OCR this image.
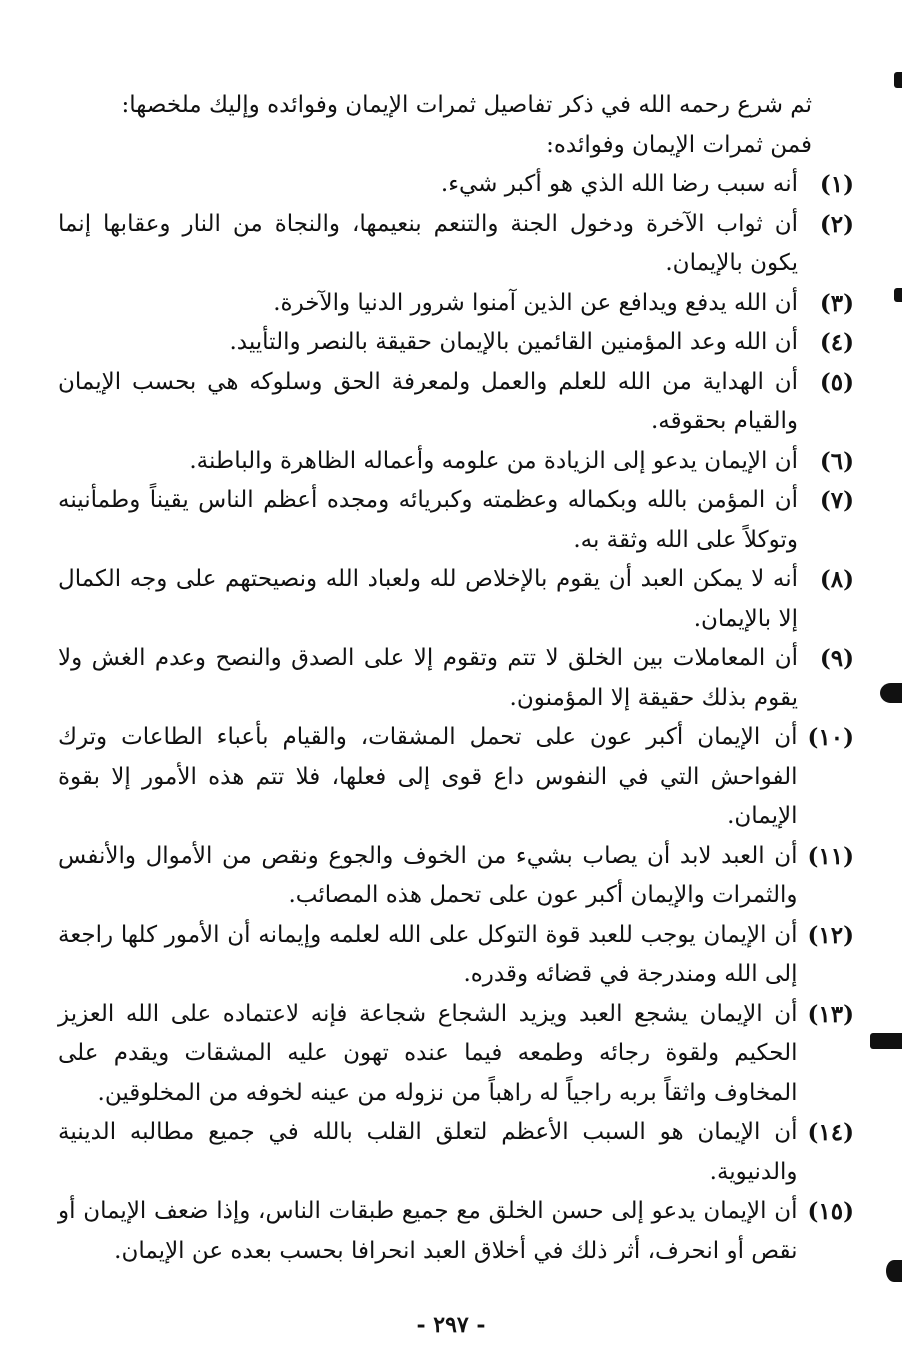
ثم شرع رحمه الله في ذكر تفاصيل ثمرات الإيمان وفوائده وإليك ملخصها:

فمن ثمرات الإيمان وفوائده:

(١)
أنه سبب رضا الله الذي هو أكبر شيء.
(٢)
أن ثواب الآخرة ودخول الجنة والتنعم بنعيمها، والنجاة من النار وعقابها إنما يكون بالإيمان.
(٣)
أن الله يدفع ويدافع عن الذين آمنوا شرور الدنيا والآخرة.
(٤)
أن الله وعد المؤمنين القائمين بالإيمان حقيقة بالنصر والتأييد.
(٥)
أن الهداية من الله للعلم والعمل ولمعرفة الحق وسلوكه هي بحسب الإيمان والقيام بحقوقه.
(٦)
أن الإيمان يدعو إلى الزيادة من علومه وأعماله الظاهرة والباطنة.
(٧)
أن المؤمن بالله وبكماله وعظمته وكبريائه ومجده أعظم الناس يقيناً وطمأنينه وتوكلاً على الله وثقة به.
(٨)
أنه لا يمكن العبد أن يقوم بالإخلاص لله ولعباد الله ونصيحتهم على وجه الكمال إلا بالإيمان.
(٩)
أن المعاملات بين الخلق لا تتم وتقوم إلا على الصدق والنصح وعدم الغش ولا يقوم بذلك حقيقة إلا المؤمنون.
(١٠)
أن الإيمان أكبر عون على تحمل المشقات، والقيام بأعباء الطاعات وترك الفواحش التي في النفوس داع قوى إلى فعلها، فلا تتم هذه الأمور إلا بقوة الإيمان.
(١١)
أن العبد لابد أن يصاب بشيء من الخوف والجوع ونقص من الأموال والأنفس والثمرات والإيمان أكبر عون على تحمل هذه المصائب.
(١٢)
أن الإيمان يوجب للعبد قوة التوكل على الله لعلمه وإيمانه أن الأمور كلها راجعة إلى الله ومندرجة في قضائه وقدره.
(١٣)
أن الإيمان يشجع العبد ويزيد الشجاع شجاعة فإنه لاعتماده على الله العزيز الحكيم ولقوة رجائه وطمعه فيما عنده تهون عليه المشقات ويقدم على المخاوف واثقاً بربه راجياً له راهباً من نزوله من عينه لخوفه من المخلوقين.
(١٤)
أن الإيمان هو السبب الأعظم لتعلق القلب بالله في جميع مطالبه الدينية والدنيوية.
(١٥)
أن الإيمان يدعو إلى حسن الخلق مع جميع طبقات الناس، وإذا ضعف الإيمان أو نقص أو انحرف، أثر ذلك في أخلاق العبد انحرافا بحسب بعده عن الإيمان.
- ٢٩٧ -
